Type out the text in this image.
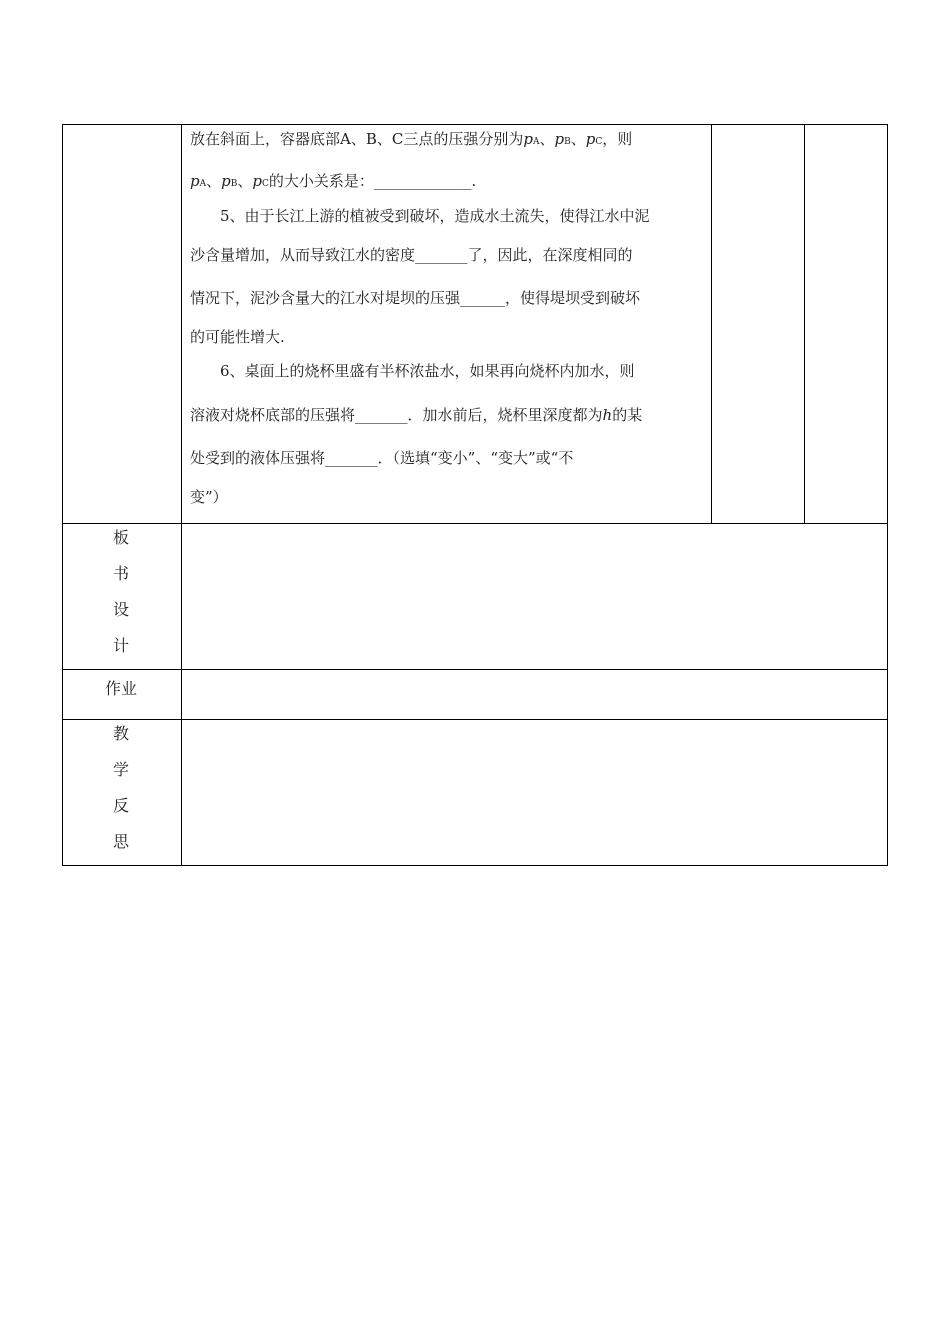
放在斜面上，容器底部A、B、C三点的压强分别为pA、pB、pC，则
pA、pB、pC的大小关系是：_____________.
5、由于长江上游的植被受到破坏，造成水土流失，使得江水中泥
沙含量增加，从而导致江水的密度_______了，因此，在深度相同的
情况下，泥沙含量大的江水对堤坝的压强______，使得堤坝受到破坏
的可能性增大.
6、桌面上的烧杯里盛有半杯浓盐水，如果再向烧杯内加水，则
溶液对烧杯底部的压强将_______．加水前后，烧杯里深度都为h的某
处受到的液体压强将_______．（选填“变小”、“变大”或“不
变”）
板
书
设
计
作业
教
学
反
思
